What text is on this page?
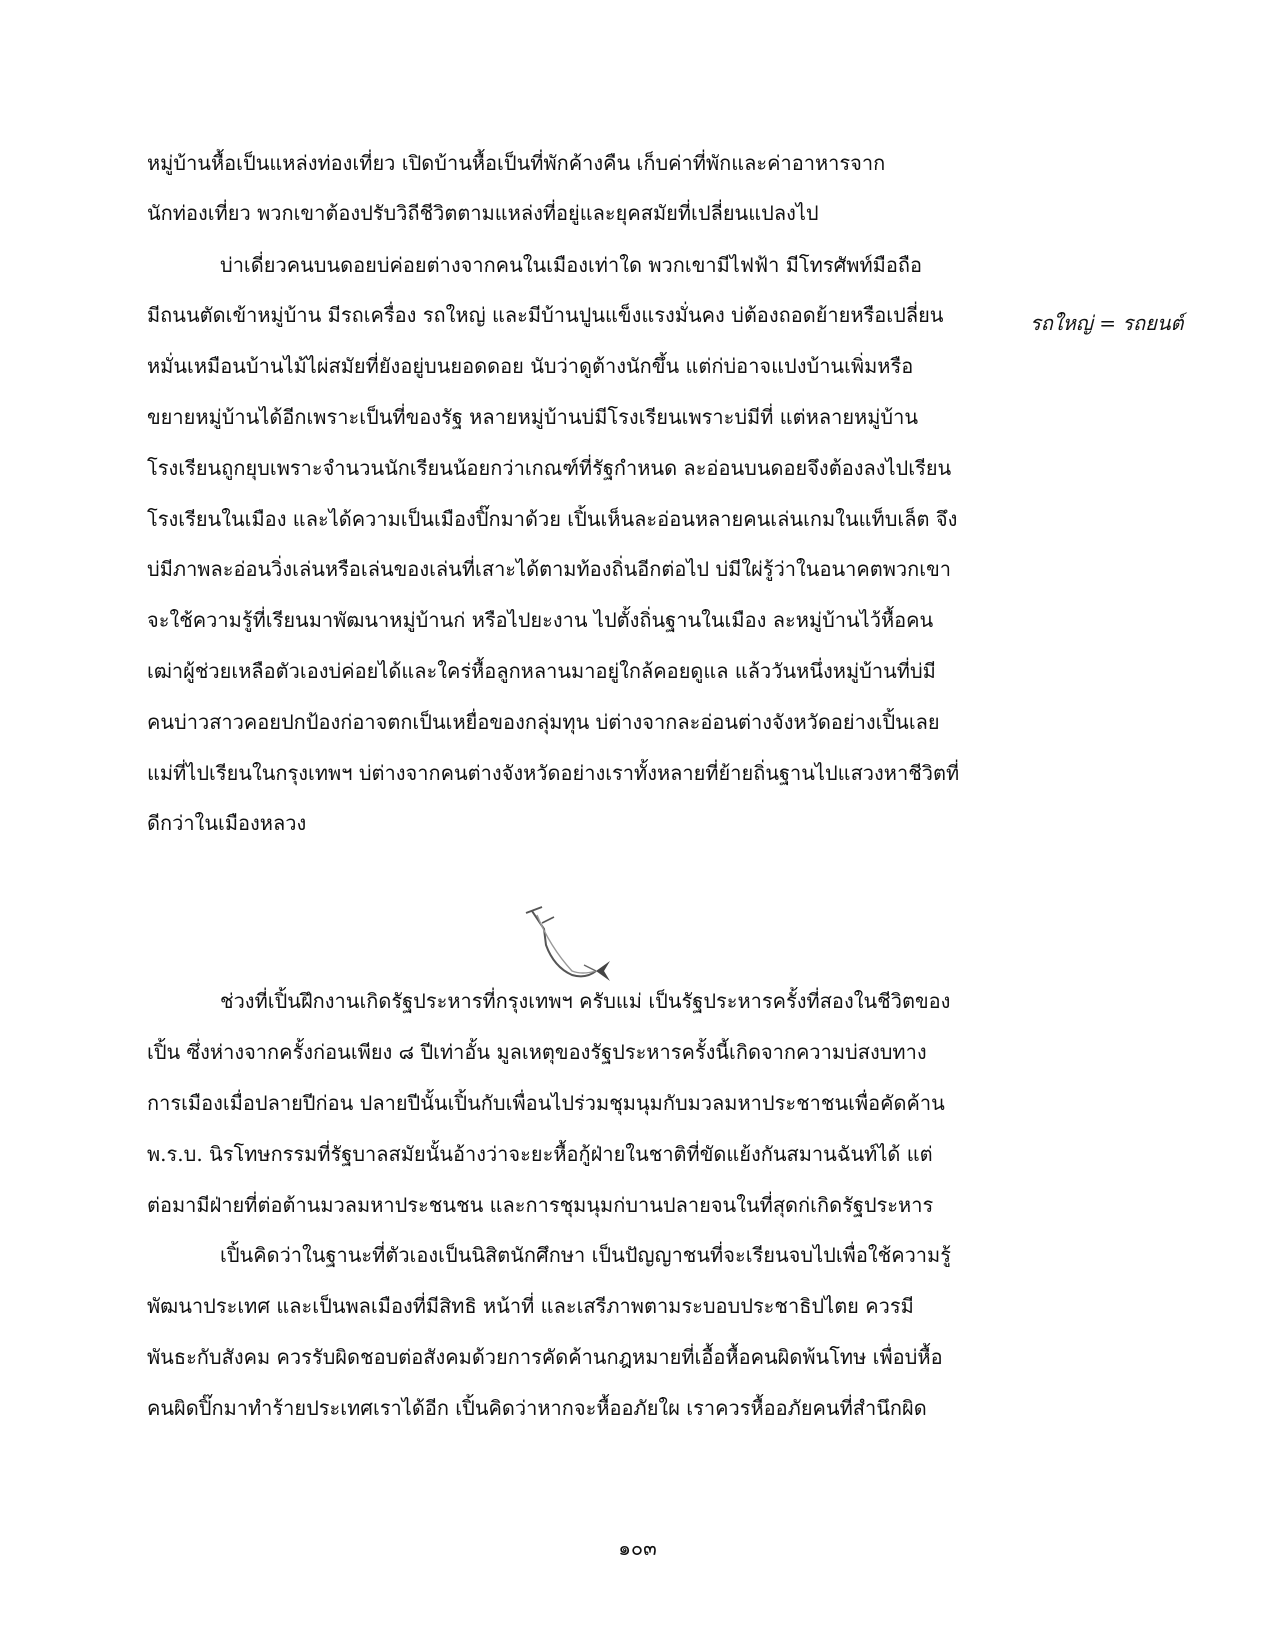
หมู่บ้านหื้อเป็นแหล่งท่องเที่ยว เปิดบ้านหื้อเป็นที่พักค้างคืน เก็บค่าที่พักและค่าอาหารจาก
นักท่องเที่ยว พวกเขาต้องปรับวิถีชีวิตตามแหล่งที่อยู่และยุคสมัยที่เปลี่ยนแปลงไป
บ่าเดี่ยวคนบนดอยบ่ค่อยต่างจากคนในเมืองเท่าใด พวกเขามีไฟฟ้า มีโทรศัพท์มือถือ
มีถนนตัดเข้าหมู่บ้าน มีรถเครื่อง รถใหญ่ และมีบ้านปูนแข็งแรงมั่นคง บ่ต้องถอดย้ายหรือเปลี่ยน
หมั่นเหมือนบ้านไม้ไผ่สมัยที่ยังอยู่บนยอดดอย นับว่าดูต้างนักขึ้น แต่ก่บ่อาจแปงบ้านเพิ่มหรือ
ขยายหมู่บ้านได้อีกเพราะเป็นที่ของรัฐ หลายหมู่บ้านบ่มีโรงเรียนเพราะบ่มีที่ แต่หลายหมู่บ้าน
โรงเรียนถูกยุบเพราะจำนวนนักเรียนน้อยกว่าเกณฑ์ที่รัฐกำหนด ละอ่อนบนดอยจึงต้องลงไปเรียน
โรงเรียนในเมือง และได้ความเป็นเมืองปิ๊กมาด้วย เปิ้นเห็นละอ่อนหลายคนเล่นเกมในแท็บเล็ต จึง
บ่มีภาพละอ่อนวิ่งเล่นหรือเล่นของเล่นที่เสาะได้ตามท้องถิ่นอีกต่อไป บ่มีใผ่รู้ว่าในอนาคตพวกเขา
จะใช้ความรู้ที่เรียนมาพัฒนาหมู่บ้านก่ หรือไปยะงาน ไปตั้งถิ่นฐานในเมือง ละหมู่บ้านไว้หื้อคน
เฒ่าผู้ช่วยเหลือตัวเองบ่ค่อยได้และใคร่หื้อลูกหลานมาอยู่ใกล้คอยดูแล แล้ววันหนึ่งหมู่บ้านที่บ่มี
คนบ่าวสาวคอยปกป้องก่อาจตกเป็นเหยื่อของกลุ่มทุน บ่ต่างจากละอ่อนต่างจังหวัดอย่างเปิ้นเลย
แม่ที่ไปเรียนในกรุงเทพฯ บ่ต่างจากคนต่างจังหวัดอย่างเราทั้งหลายที่ย้ายถิ่นฐานไปแสวงหาชีวิตที่
ดีกว่าในเมืองหลวง
รถใหญ่ = รถยนต์
ช่วงที่เปิ้นฝึกงานเกิดรัฐประหารที่กรุงเทพฯ ครับแม่ เป็นรัฐประหารครั้งที่สองในชีวิตของ
เปิ้น ซึ่งห่างจากครั้งก่อนเพียง ๘ ปีเท่าอั้น มูลเหตุของรัฐประหารครั้งนี้เกิดจากความบ่สงบทาง
การเมืองเมื่อปลายปีก่อน ปลายปีนั้นเปิ้นกับเพื่อนไปร่วมชุมนุมกับมวลมหาประชาชนเพื่อคัดค้าน
พ.ร.บ. นิรโทษกรรมที่รัฐบาลสมัยนั้นอ้างว่าจะยะหื้อกู้ฝ่ายในชาติที่ขัดแย้งกันสมานฉันท์ได้ แต่
ต่อมามีฝ่ายที่ต่อต้านมวลมหาประชนชน และการชุมนุมก่บานปลายจนในที่สุดก่เกิดรัฐประหาร
เปิ้นคิดว่าในฐานะที่ตัวเองเป็นนิสิตนักศึกษา เป็นปัญญาชนที่จะเรียนจบไปเพื่อใช้ความรู้
พัฒนาประเทศ และเป็นพลเมืองที่มีสิทธิ หน้าที่ และเสรีภาพตามระบอบประชาธิปไตย ควรมี
พันธะกับสังคม ควรรับผิดชอบต่อสังคมด้วยการคัดค้านกฎหมายที่เอื้อหื้อคนผิดพ้นโทษ เพื่อบ่หื้อ
คนผิดปิ๊กมาทำร้ายประเทศเราได้อีก เปิ้นคิดว่าหากจะหื้ออภัยใผ เราควรหื้ออภัยคนที่สำนึกผิด
๑๐๓
